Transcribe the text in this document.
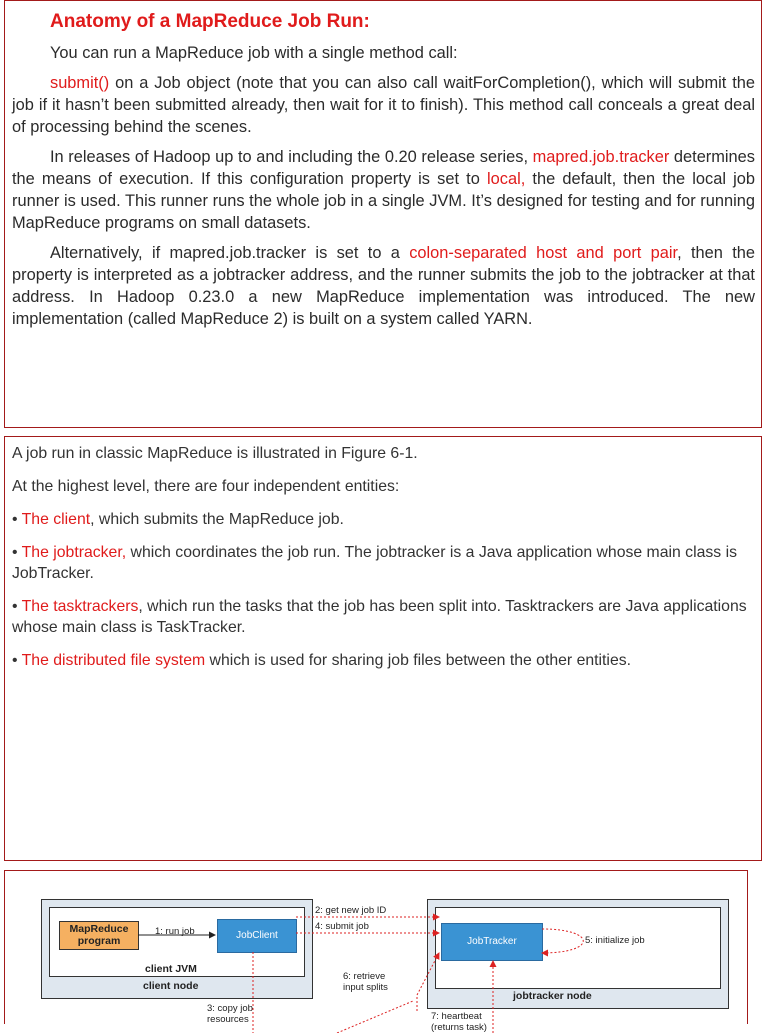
Anatomy of a MapReduce Job Run:

You can run a MapReduce job with a single method call:

submit() on a Job object (note that you can also call waitForCompletion(), which will submit the job if it hasn’t been submitted already, then wait for it to finish). This method call conceals a great deal of processing behind the scenes.

In releases of Hadoop up to and including the 0.20 release series, mapred.job.tracker determines the means of execution. If this configuration property is set to local, the default, then the local job runner is used. This runner runs the whole job in a single JVM. It’s designed for testing and for running MapReduce programs on small datasets.

Alternatively, if mapred.job.tracker is set to a colon-separated host and port pair, then the property is interpreted as a jobtracker address, and the runner submits the job to the jobtracker at that address. In Hadoop 0.23.0 a new MapReduce implementation was introduced. The new implementation (called MapReduce 2) is built on a system called YARN.

A job run in classic MapReduce is illustrated in Figure 6-1.

At the highest level, there are four independent entities:

• The client, which submits the MapReduce job.

• The jobtracker, which coordinates the job run. The jobtracker is a Java application whose main class is JobTracker.

• The tasktrackers, which run the tasks that the job has been split into. Tasktrackers are Java applications whose main class is TaskTracker.

• The distributed file system which is used for sharing job files between the other entities.

client JVM
client node
MapReduce program	JobClient
JobTracker
jobtracker node
1: run job
2: get new job ID
4: submit job
5: initialize job
6: retrieve input splits
3: copy job resources	7: heartbeat (returns task)
